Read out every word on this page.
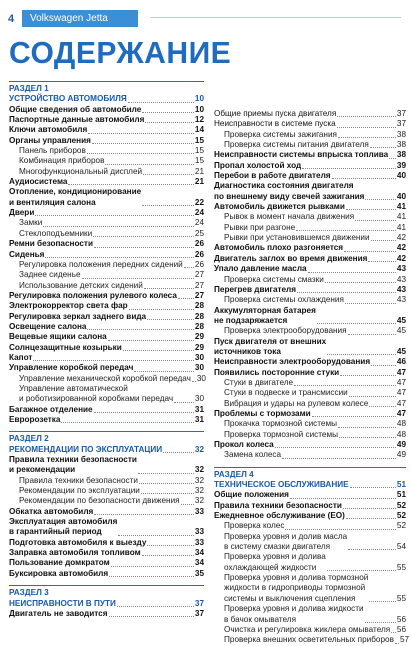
4	Volkswagen Jetta
СОДЕРЖАНИЕ
РАЗДЕЛ 1
УСТРОЙСТВО АВТОМОБИЛЯ	10
Общие сведения об автомобиле	10
Паспортные данные автомобиля	12
Ключи автомобиля	14
Органы управления	15
Панель приборов	15
Комбинация приборов	15
Многофункциональный дисплей	21
Аудиосистема	21
Отопление, кондиционирование
и вентиляция салона	22
Двери	24
Замки	24
Стеклоподъемники	25
Ремни безопасности	26
Сиденья	26
Регулировка положения передних сидений 26
Заднее сиденье	27
Использование детских сидений	27
Регулировка положения рулевого колеса 27
Электрокорректор света фар	28
Регулировка зеркал заднего вида	28
Освещение салона	28
Вещевые ящики салона	29
Солнцезащитные козырьки	29
Капот	30
Управление коробкой передач	30
Управление механической коробкой передач 30
Управление автоматической
и роботизированной коробками передач	30
Багажное отделение	31
Евророзетка	31
РАЗДЕЛ 2
РЕКОМЕНДАЦИИ ПО ЭКСПЛУАТАЦИИ	32
Правила техники безопасности
и рекомендации	32
Правила техники безопасности	32
Рекомендации по эксплуатации	32
Рекомендации по безопасности движения 32
Обкатка автомобиля	33
Эксплуатация автомобиля
в гарантийный период	33
Подготовка автомобиля к выезду	33
Заправка автомобиля топливом	34
Пользование домкратом	34
Буксировка автомобиля	35
РАЗДЕЛ 3
НЕИСПРАВНОСТИ В ПУТИ	37
Двигатель не заводится	37
Общие приемы пуска двигателя	37
Неисправности в системе пуска	37
Проверка системы зажигания	38
Проверка системы питания двигателя	38
Неисправности системы впрыска топлива 38
Пропал холостой ход	39
Перебои в работе двигателя	40
Диагностика состояния двигателя
по внешнему виду свечей зажигания	40
Автомобиль движется рывками	41
Рывок в момент начала движения	41
Рывки при разгоне	41
Рывки при установившемся движении	42
Автомобиль плохо разгоняется	42
Двигатель заглох во время движения	42
Упало давление масла	43
Проверка системы смазки	43
Перегрев двигателя	43
Проверка системы охлаждения	43
Аккумуляторная батарея
не подзаряжается	45
Проверка электрооборудования	45
Пуск двигателя от внешних
источников тока	45
Неисправности электрооборудования	46
Появились посторонние стуки	47
Стуки в двигателе	47
Стуки в подвеске и трансмиссии	47
Вибрация и удары на рулевом колесе	47
Проблемы с тормозами	47
Прокачка тормозной системы	48
Проверка тормозной системы	48
Прокол колеса	49
Замена колеса	49
РАЗДЕЛ 4
ТЕХНИЧЕСКОЕ ОБСЛУЖИВАНИЕ	51
Общие положения	51
Правила техники безопасности	52
Ежедневное обслуживание (ЕО)	52
Проверка колес	52
Проверка уровня и долив масла
в систему смазки двигателя	54
Проверка уровня и долива
охлаждающей жидкости	55
Проверка уровня и долива тормозной
жидкости в гидроприводы тормозной
системы и выключения сцепления	55
Проверка уровня и долива жидкости
в бачок омывателя	56
Очистка и регулировка жиклера омывателя 56
Проверка внешних осветительных приборов 57
